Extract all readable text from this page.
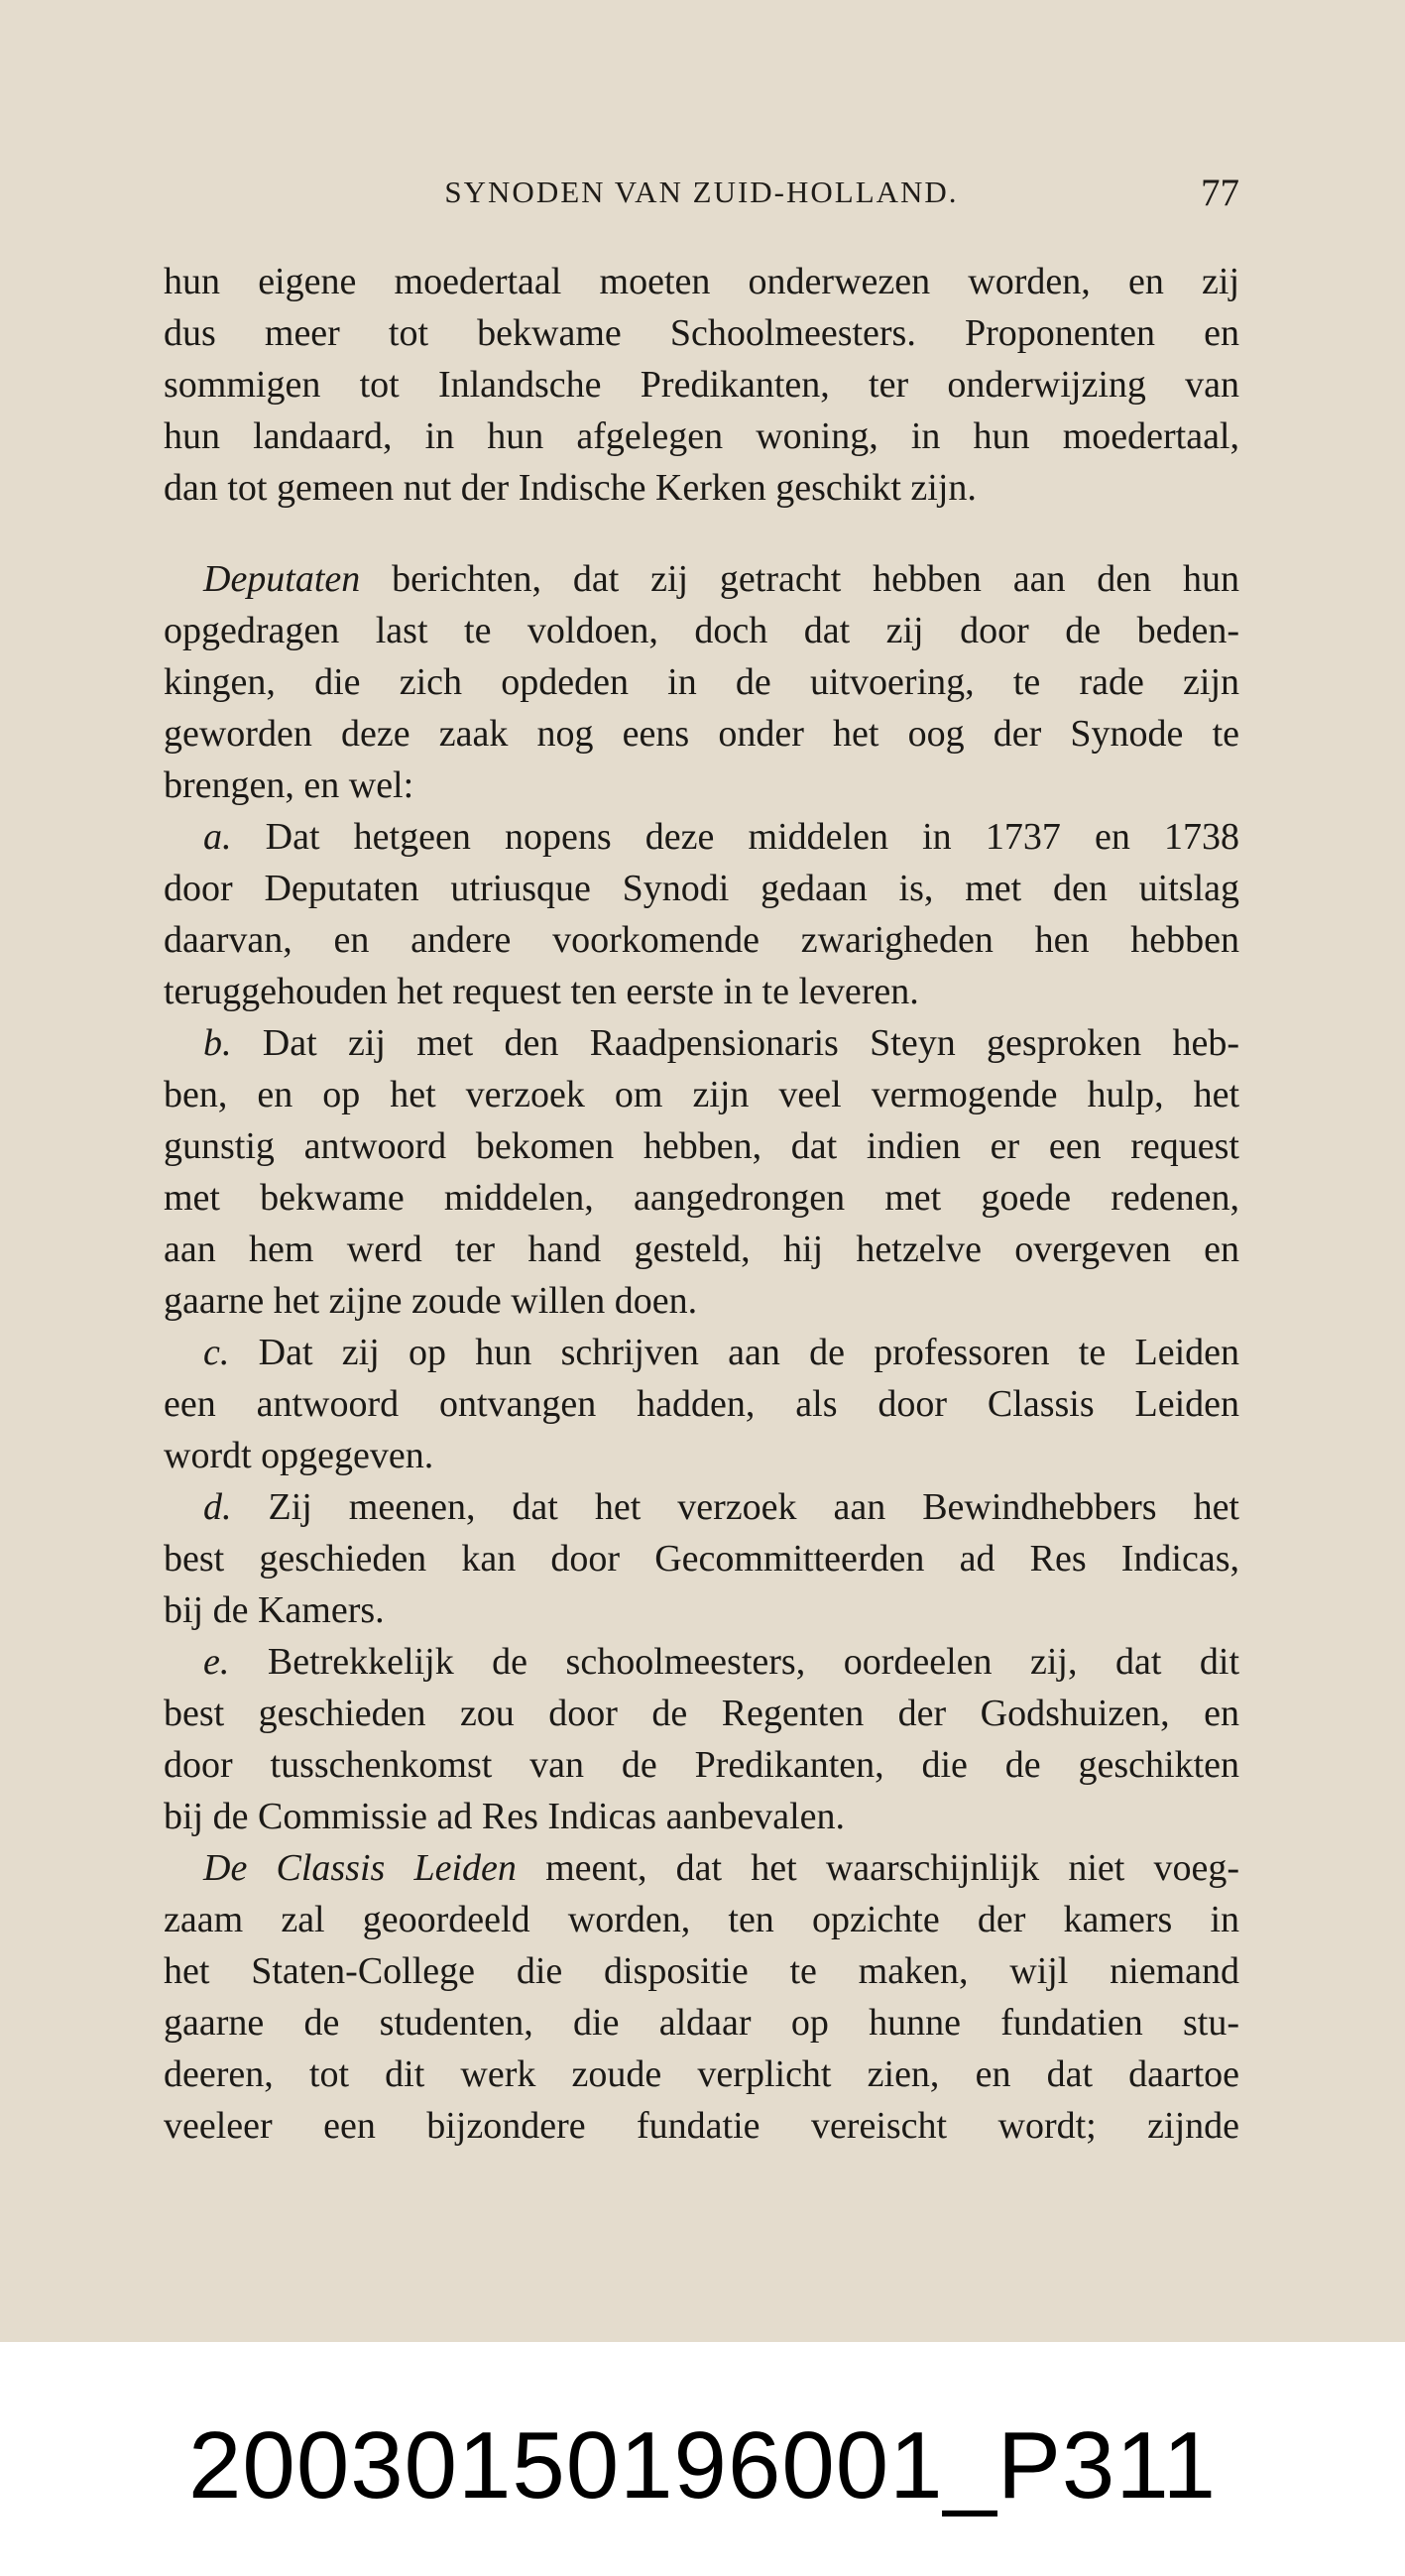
SYNODEN VAN ZUID-HOLLAND.	77
hun eigene moedertaal moeten onderwezen worden, en zij
dus meer tot bekwame Schoolmeesters. Proponenten en
sommigen tot Inlandsche Predikanten, ter onderwijzing van
hun landaard, in hun afgelegen woning, in hun moedertaal,
dan tot gemeen nut der Indische Kerken geschikt zijn.
Deputaten berichten, dat zij getracht hebben aan den hun
opgedragen last te voldoen, doch dat zij door de beden-
kingen, die zich opdeden in de uitvoering, te rade zijn
geworden deze zaak nog eens onder het oog der Synode te
brengen, en wel:
a. Dat hetgeen nopens deze middelen in 1737 en 1738
door Deputaten utriusque Synodi gedaan is, met den uitslag
daarvan, en andere voorkomende zwarigheden hen hebben
teruggehouden het request ten eerste in te leveren.
b. Dat zij met den Raadpensionaris Steyn gesproken heb-
ben, en op het verzoek om zijn veel vermogende hulp, het
gunstig antwoord bekomen hebben, dat indien er een request
met bekwame middelen, aangedrongen met goede redenen,
aan hem werd ter hand gesteld, hij hetzelve overgeven en
gaarne het zijne zoude willen doen.
c. Dat zij op hun schrijven aan de professoren te Leiden
een antwoord ontvangen hadden, als door Classis Leiden
wordt opgegeven.
d. Zij meenen, dat het verzoek aan Bewindhebbers het
best geschieden kan door Gecommitteerden ad Res Indicas,
bij de Kamers.
e. Betrekkelijk de schoolmeesters, oordeelen zij, dat dit
best geschieden zou door de Regenten der Godshuizen, en
door tusschenkomst van de Predikanten, die de geschikten
bij de Commissie ad Res Indicas aanbevalen.
De Classis Leiden meent, dat het waarschijnlijk niet voeg-
zaam zal geoordeeld worden, ten opzichte der kamers in
het Staten-College die dispositie te maken, wijl niemand
gaarne de studenten, die aldaar op hunne fundatien stu-
deeren, tot dit werk zoude verplicht zien, en dat daartoe
veeleer een bijzondere fundatie vereischt wordt; zijnde
20030150196001_P311
